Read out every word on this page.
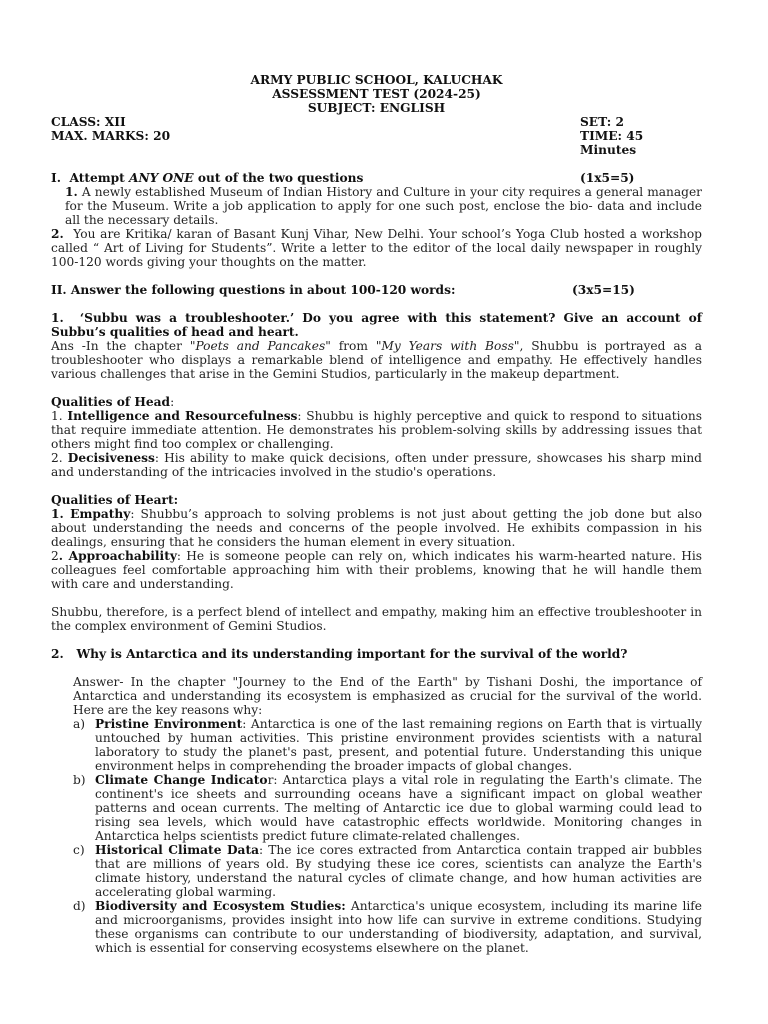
ARMY PUBLIC SCHOOL, KALUCHAK
ASSESSMENT TEST (2024-25)
SUBJECT: ENGLISH
CLASS: XII	SET: 2
MAX. MARKS: 20	TIME: 45 Minutes
I. Attempt ANY ONE out of the two questions	(1x5=5)

1. A newly established Museum of Indian History and Culture in your city requires a general manager for the Museum. Write a job application to apply for one such post, enclose the bio- data and include all the necessary details.

2. You are Kritika/ karan of Basant Kunj Vihar, New Delhi. Your school’s Yoga Club hosted a workshop called “ Art of Living for Students”. Write a letter to the editor of the local daily newspaper in roughly 100-120 words giving your thoughts on the matter.

II. Answer the following questions in about 100-120 words:	(3x5=15)

1. ‘Subbu was a troubleshooter.’ Do you agree with this statement? Give an account of Subbu’s qualities of head and heart.

Ans -In the chapter "Poets and Pancakes" from "My Years with Boss", Shubbu is portrayed as a troubleshooter who displays a remarkable blend of intelligence and empathy. He effectively handles various challenges that arise in the Gemini Studios, particularly in the makeup department.

Qualities of Head:

1. Intelligence and Resourcefulness: Shubbu is highly perceptive and quick to respond to situations that require immediate attention. He demonstrates his problem-solving skills by addressing issues that others might find too complex or challenging.

2. Decisiveness: His ability to make quick decisions, often under pressure, showcases his sharp mind and understanding of the intricacies involved in the studio's operations.

Qualities of Heart:

1. Empathy: Shubbu’s approach to solving problems is not just about getting the job done but also about understanding the needs and concerns of the people involved. He exhibits compassion in his dealings, ensuring that he considers the human element in every situation.

2. Approachability: He is someone people can rely on, which indicates his warm-hearted nature. His colleagues feel comfortable approaching him with their problems, knowing that he will handle them with care and understanding.

Shubbu, therefore, is a perfect blend of intellect and empathy, making him an effective troubleshooter in the complex environment of Gemini Studios.

2. Why is Antarctica and its understanding important for the survival of the world?

Answer- In the chapter "Journey to the End of the Earth" by Tishani Doshi, the importance of Antarctica and understanding its ecosystem is emphasized as crucial for the survival of the world. Here are the key reasons why:

a) Pristine Environment: Antarctica is one of the last remaining regions on Earth that is virtually untouched by human activities. This pristine environment provides scientists with a natural laboratory to study the planet's past, present, and potential future. Understanding this unique environment helps in comprehending the broader impacts of global changes.
b) Climate Change Indicator: Antarctica plays a vital role in regulating the Earth's climate. The continent's ice sheets and surrounding oceans have a significant impact on global weather patterns and ocean currents. The melting of Antarctic ice due to global warming could lead to rising sea levels, which would have catastrophic effects worldwide. Monitoring changes in Antarctica helps scientists predict future climate-related challenges.
c) Historical Climate Data: The ice cores extracted from Antarctica contain trapped air bubbles that are millions of years old. By studying these ice cores, scientists can analyze the Earth's climate history, understand the natural cycles of climate change, and how human activities are accelerating global warming.
d) Biodiversity and Ecosystem Studies: Antarctica's unique ecosystem, including its marine life and microorganisms, provides insight into how life can survive in extreme conditions. Studying these organisms can contribute to our understanding of biodiversity, adaptation, and survival, which is essential for conserving ecosystems elsewhere on the planet.
